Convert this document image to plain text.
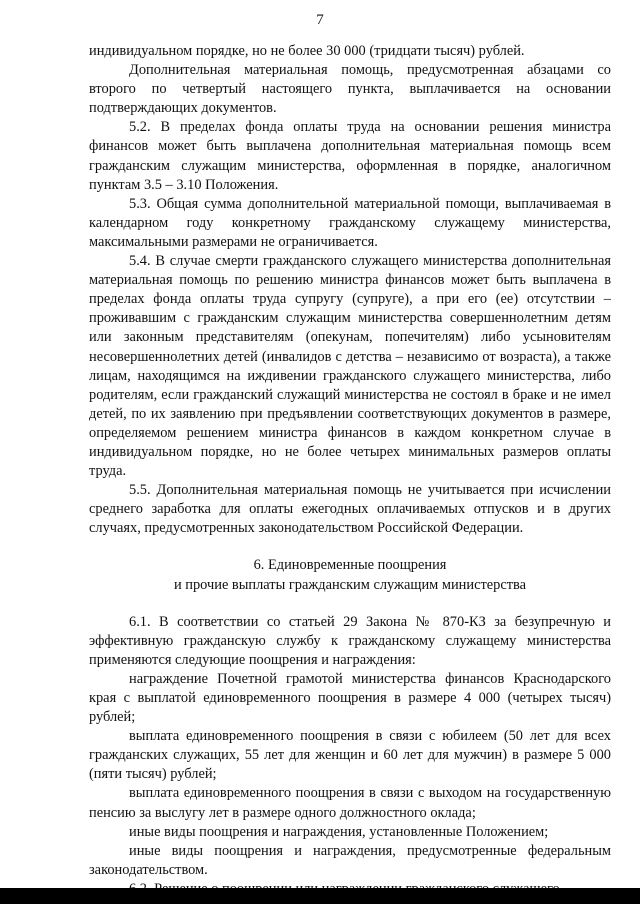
7

индивидуальном порядке, но не более 30 000 (тридцати тысяч) рублей.

Дополнительная материальная помощь, предусмотренная абзацами со второго по четвертый настоящего пункта, выплачивается на основании подтверждающих документов.

5.2. В пределах фонда оплаты труда на основании решения министра финансов может быть выплачена дополнительная материальная помощь всем гражданским служащим министерства, оформленная в порядке, аналогичном пунктам 3.5 – 3.10 Положения.

5.3. Общая сумма дополнительной материальной помощи, выплачиваемая в календарном году конкретному гражданскому служащему министерства, максимальными размерами не ограничивается.

5.4. В случае смерти гражданского служащего министерства дополнительная материальная помощь по решению министра финансов может быть выплачена в пределах фонда оплаты труда супругу (супруге), а при его (ее) отсутствии – проживавшим с гражданским служащим министерства совершеннолетним детям или законным представителям (опекунам, попечителям) либо усыновителям несовершеннолетних детей (инвалидов с детства – независимо от возраста), а также лицам, находящимся на иждивении гражданского служащего министерства, либо родителям, если гражданский служащий министерства не состоял в браке и не имел детей, по их заявлению при предъявлении соответствующих документов в размере, определяемом решением министра финансов в каждом конкретном случае в индивидуальном порядке, но не более четырех минимальных размеров оплаты труда.

5.5. Дополнительная материальная помощь не учитывается при исчислении среднего заработка для оплаты ежегодных оплачиваемых отпусков и в других случаях, предусмотренных законодательством Российской Федерации.

6. Единовременные поощрения
и прочие выплаты гражданским служащим министерства

6.1. В соответствии со статьей 29 Закона № 870-КЗ за безупречную и эффективную гражданскую службу к гражданскому служащему министерства применяются следующие поощрения и награждения:

награждение Почетной грамотой министерства финансов Краснодарского края с выплатой единовременного поощрения в размере 4 000 (четырех тысяч) рублей;

выплата единовременного поощрения в связи с юбилеем (50 лет для всех гражданских служащих, 55 лет для женщин и 60 лет для мужчин) в размере 5 000 (пяти тысяч) рублей;

выплата единовременного поощрения в связи с выходом на государственную пенсию за выслугу лет в размере одного должностного оклада;

иные виды поощрения и награждения, установленные Положением;

иные виды поощрения и награждения, предусмотренные федеральным законодательством.
